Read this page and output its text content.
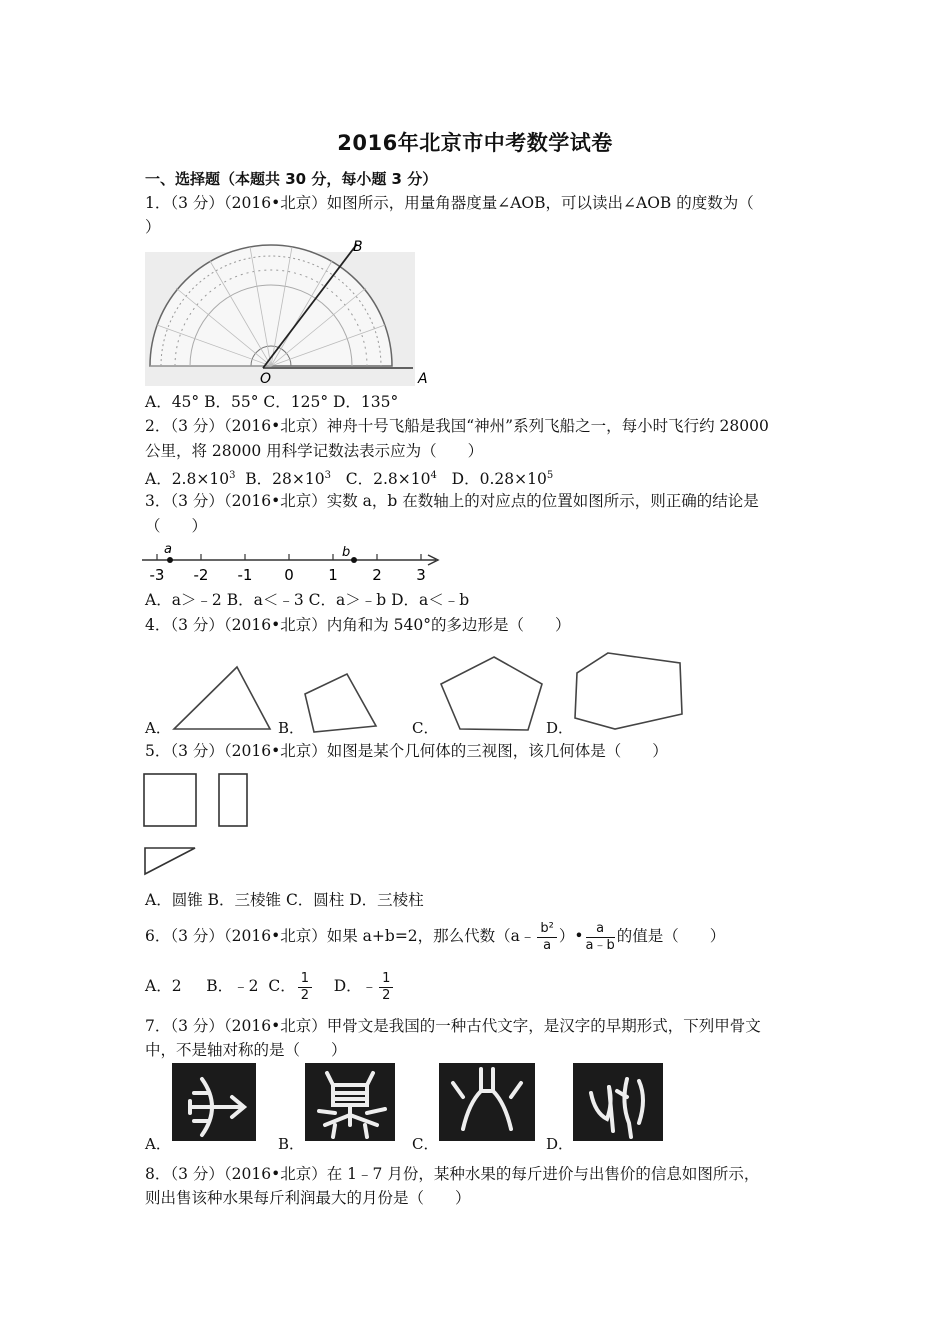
2016年北京市中考数学试卷
一、选择题（本题共 30 分，每小题 3 分）
1．（3 分）（2016•北京）如图所示，用量角器度量∠AOB，可以读出∠AOB 的度数为（
）
B
O	A
A．45° B．55° C．125° D．135°
2．（3 分）（2016•北京）神舟十号飞船是我国“神州”系列飞船之一，每小时飞行约 28000
公里，将 28000 用科学记数法表示应为（　　）
A．$2.8\times 10^3$ B．$28\times 10^3$ C．$2.8\times 10^4$ D．$0.28\times 10^5$
3．（3 分）（2016•北京）实数 a，b 在数轴上的对应点的位置如图所示，则正确的结论是
（　　）
-3 -2 -1 0 1 2 3
a	b
A．a＞﹣2 B．a＜﹣3 C．a＞﹣b D．a＜﹣b
4．（3 分）（2016•北京）内角和为 540°的多边形是（　　）
A．	B．	C．	D．
5．（3 分）（2016•北京）如图是某个几何体的三视图，该几何体是（　　）
A．圆锥 B．三棱锥 C．圆柱 D．三棱柱
6．（3 分）（2016•北京）如果 a+b=2，那么代数（a﹣ $\frac{\text{b²}}{a}$ ）• $\frac{a}{a﹣b}$ 的值是（　　）
A．2 B．﹣2 C． $\frac{1}{2}$ D．﹣ $\frac{1}{2}$
7．（3 分）（2016•北京）甲骨文是我国的一种古代文字，是汉字的早期形式，下列甲骨文
中，不是轴对称的是（　　）
A．	B．	C．	D．
8．（3 分）（2016•北京）在 1﹣7 月份，某种水果的每斤进价与出售价的信息如图所示，
则出售该种水果每斤利润最大的月份是（　　）
